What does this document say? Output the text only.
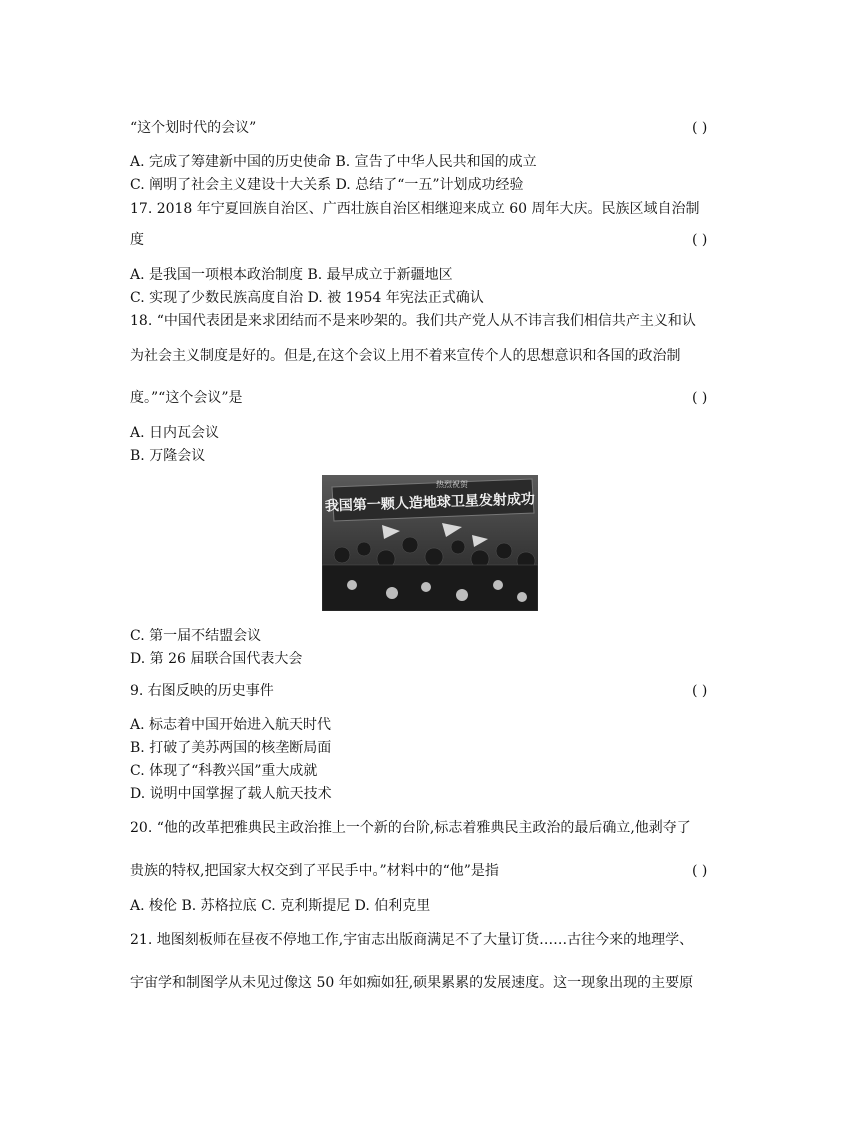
“这个划时代的会议”	( )
A. 完成了筹建新中国的历史使命 B. 宣告了中华人民共和国的成立
C. 阐明了社会主义建设十大关系 D. 总结了“一五”计划成功经验
17. 2018 年宁夏回族自治区、广西壮族自治区相继迎来成立 60 周年大庆。民族区域自治制
度	( )
A. 是我国一项根本政治制度 B. 最早成立于新疆地区
C. 实现了少数民族高度自治 D. 被 1954 年宪法正式确认
18. “中国代表团是来求团结而不是来吵架的。我们共产党人从不讳言我们相信共产主义和认
为社会主义制度是好的。但是,在这个会议上用不着来宣传个人的思想意识和各国的政治制
度。”“这个会议”是	( )
A. 日内瓦会议
B. 万隆会议
我国第一颗人造地球卫星发射成功
热烈祝贺
C. 第一届不结盟会议
D. 第 26 届联合国代表大会
9. 右图反映的历史事件	( )
A. 标志着中国开始进入航天时代
B. 打破了美苏两国的核垄断局面
C. 体现了“科教兴国”重大成就
D. 说明中国掌握了载人航天技术
20. “他的改革把雅典民主政治推上一个新的台阶,标志着雅典民主政治的最后确立,他剥夺了
贵族的特权,把国家大权交到了平民手中。”材料中的“他”是指	( )
A. 梭伦 B. 苏格拉底 C. 克利斯提尼 D. 伯利克里
21. 地图刻板师在昼夜不停地工作,宇宙志出版商满足不了大量订货……古往今来的地理学、
宇宙学和制图学从未见过像这 50 年如痴如狂,硕果累累的发展速度。这一现象出现的主要原
